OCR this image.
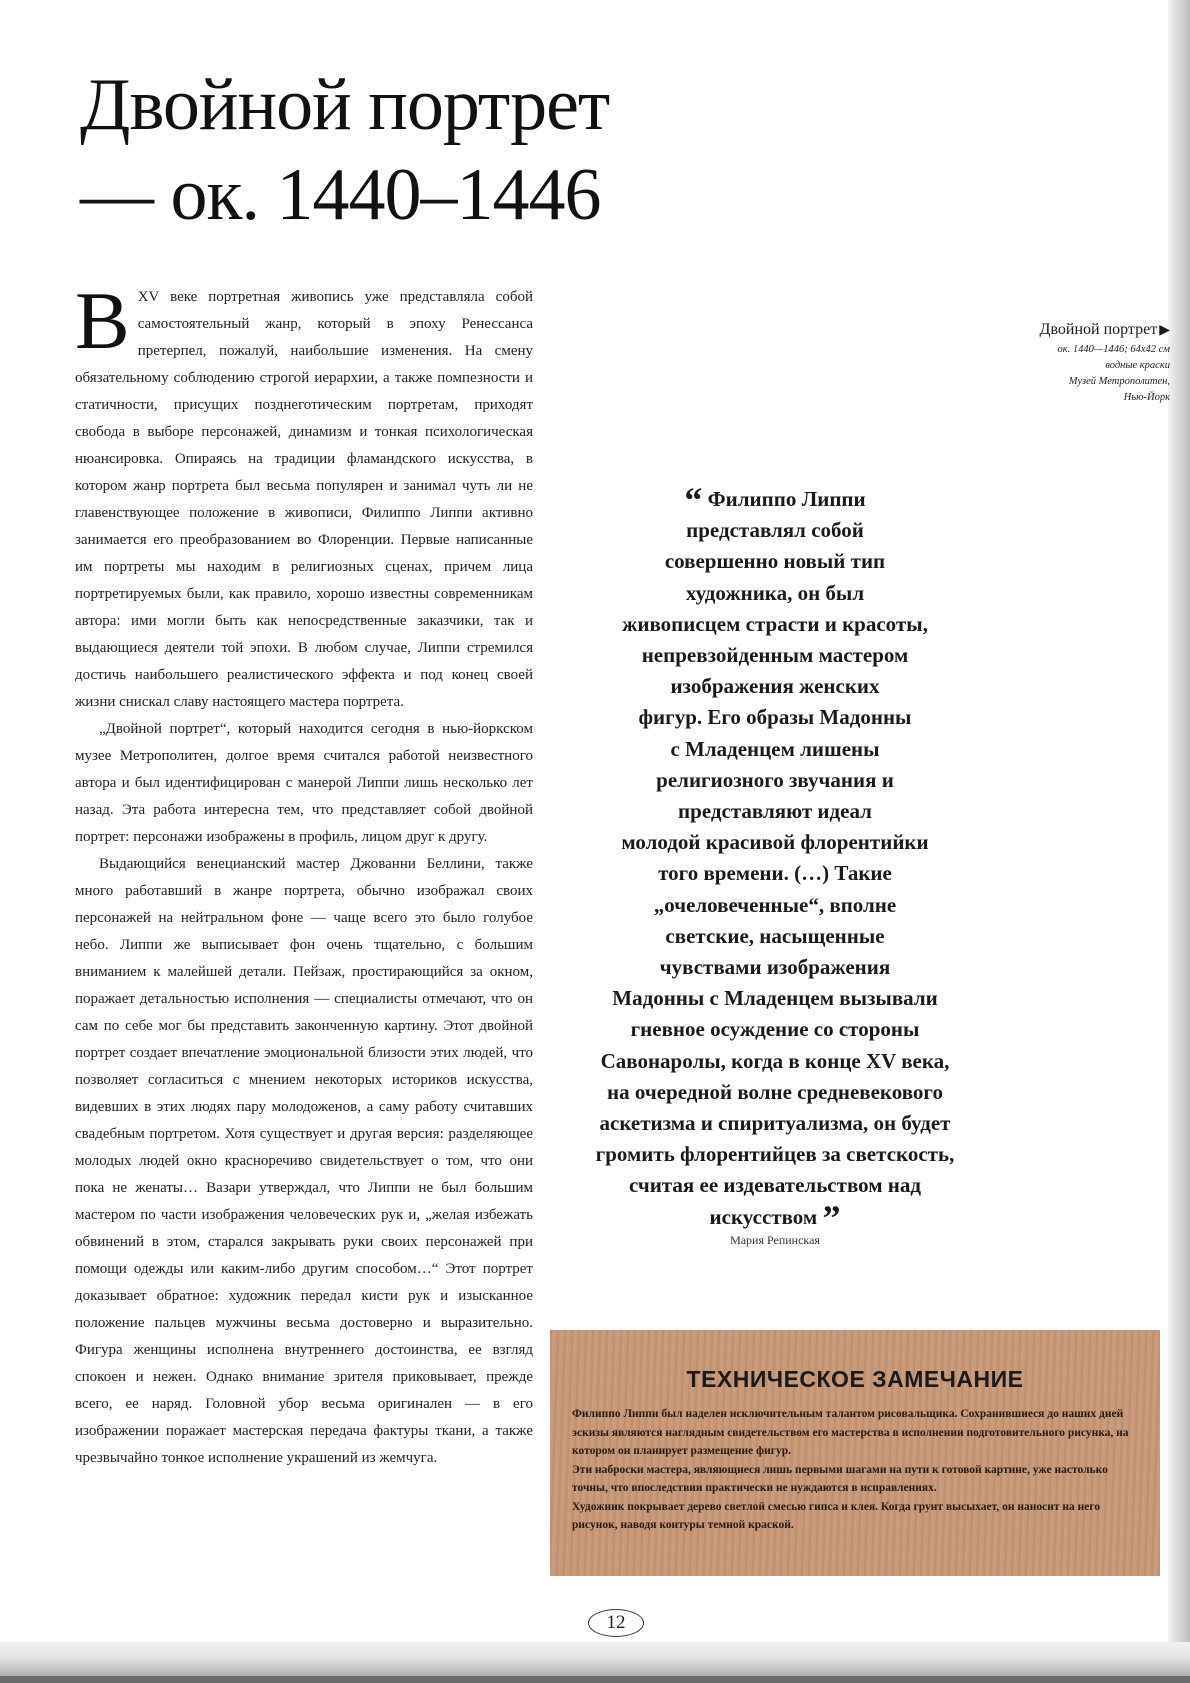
Двойной портрет
— ок. 1440–1446

ВXV веке портретная живопись уже представляла собой самостоятельный жанр, который в эпоху Ренессанса претерпел, пожалуй, наибольшие изменения. На смену обязательному соблюдению строгой иерархии, а также помпезности и статичности, присущих позднеготическим портретам, приходят свобода в выборе персонажей, динамизм и тонкая психологическая нюансировка. Опираясь на традиции фламандского искусства, в котором жанр портрета был весьма популярен и занимал чуть ли не главенствующее положение в живописи, Филиппо Липпи активно занимается его преобразованием во Флоренции. Первые написанные им портреты мы находим в религиозных сценах, причем лица портретируемых были, как правило, хорошо известны современникам автора: ими могли быть как непосредственные заказчики, так и выдающиеся деятели той эпохи. В любом случае, Липпи стремился достичь наибольшего реалистического эффекта и под конец своей жизни снискал славу настоящего мастера портрета.

„Двойной портрет“, который находится сегодня в нью-йоркском музее Метрополитен, долгое время считался работой неизвестного автора и был идентифицирован с манерой Липпи лишь несколько лет назад. Эта работа интересна тем, что представляет собой двойной портрет: персонажи изображены в профиль, лицом друг к другу.

Выдающийся венецианский мастер Джованни Беллини, также много работавший в жанре портрета, обычно изображал своих персонажей на нейтральном фоне — чаще всего это было голубое небо. Липпи же выписывает фон очень тщательно, с большим вниманием к малейшей детали. Пейзаж, простирающийся за окном, поражает детальностью исполнения — специалисты отмечают, что он сам по себе мог бы представить законченную картину. Этот двойной портрет создает впечатление эмоциональной близости этих людей, что позволяет согласиться с мнением некоторых историков искусства, видевших в этих людях пару молодоженов, а саму работу считавших свадебным портретом. Хотя существует и другая версия: разделяющее молодых людей окно красноречиво свидетельствует о том, что они пока не женаты… Вазари утверждал, что Липпи не был большим мастером по части изображения человеческих рук и, „желая избежать обвинений в этом, старался закрывать руки своих персонажей при помощи одежды или каким-либо другим способом…“ Этот портрет доказывает обратное: художник передал кисти рук и изысканное положение пальцев мужчины весьма достоверно и выразительно. Фигура женщины исполнена внутреннего достоинства, ее взгляд спокоен и нежен. Однако внимание зрителя приковывает, прежде всего, ее наряд. Головной убор весьма оригинален — в его изображении поражает мастерская передача фактуры ткани, а также чрезвычайно тонкое исполнение украшений из жемчуга.

Двойной портрет ▶
ок. 1440—1446; 64x42 см
водные краски
Музей Метрополитен,
Нью-Йорк
“ Филиппо Липпи
представлял собой
совершенно новый тип
художника, он был
живописцем страсти и красоты,
непревзойденным мастером
изображения женских
фигур. Его образы Мадонны
с Младенцем лишены
религиозного звучания и
представляют идеал
молодой красивой флорентийки
того времени. (…) Такие
„очеловеченные“, вполне
светские, насыщенные
чувствами изображения
Мадонны с Младенцем вызывали
гневное осуждение со стороны
Савонаролы, когда в конце XV века,
на очередной волне средневекового
аскетизма и спиритуализма, он будет
громить флорентийцев за светскость,
считая ее издевательством над
искусством ”
Мария Репинская
ТЕХНИЧЕСКОЕ ЗАМЕЧАНИЕ

Филиппо Липпи был наделен исключительным талантом рисовальщика. Сохранившиеся до наших дней эскизы являются наглядным свидетельством его мастерства в исполнении подготовительного рисунка, на котором он планирует размещение фигур.

Эти наброски мастера, являющиеся лишь первыми шагами на пути к готовой картине, уже настолько точны, что впоследствии практически не нуждаются в исправлениях.

Художник покрывает дерево светлой смесью гипса и клея. Когда грунт высыхает, он наносит на него рисунок, наводя контуры темной краской.

12
